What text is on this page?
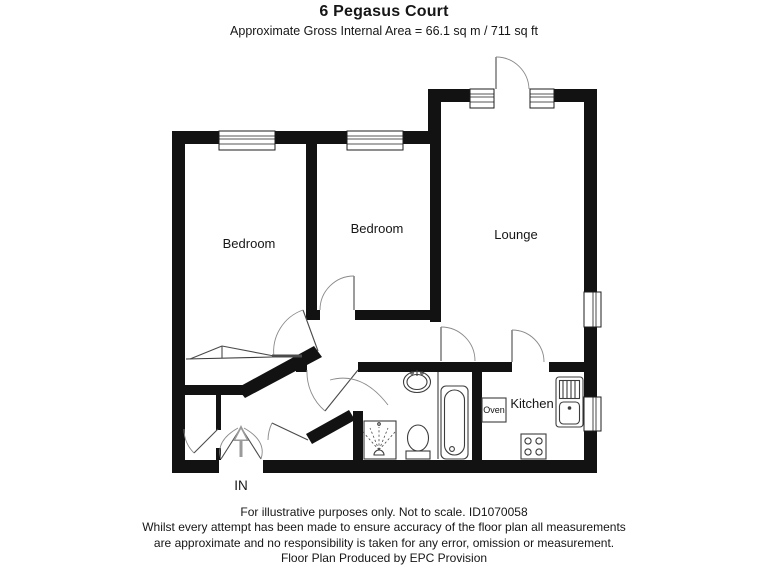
6 Pegasus Court
Approximate Gross Internal Area = 66.1 sq m / 711 sq ft
Bedroom
Bedroom	Lounge
Kitchen
Oven
IN
For illustrative purposes only. Not to scale. ID1070058
Whilst every attempt has been made to ensure accuracy of the floor plan all measurements
are approximate and no responsibility is taken for any error, omission or measurement.
Floor Plan Produced by EPC Provision
